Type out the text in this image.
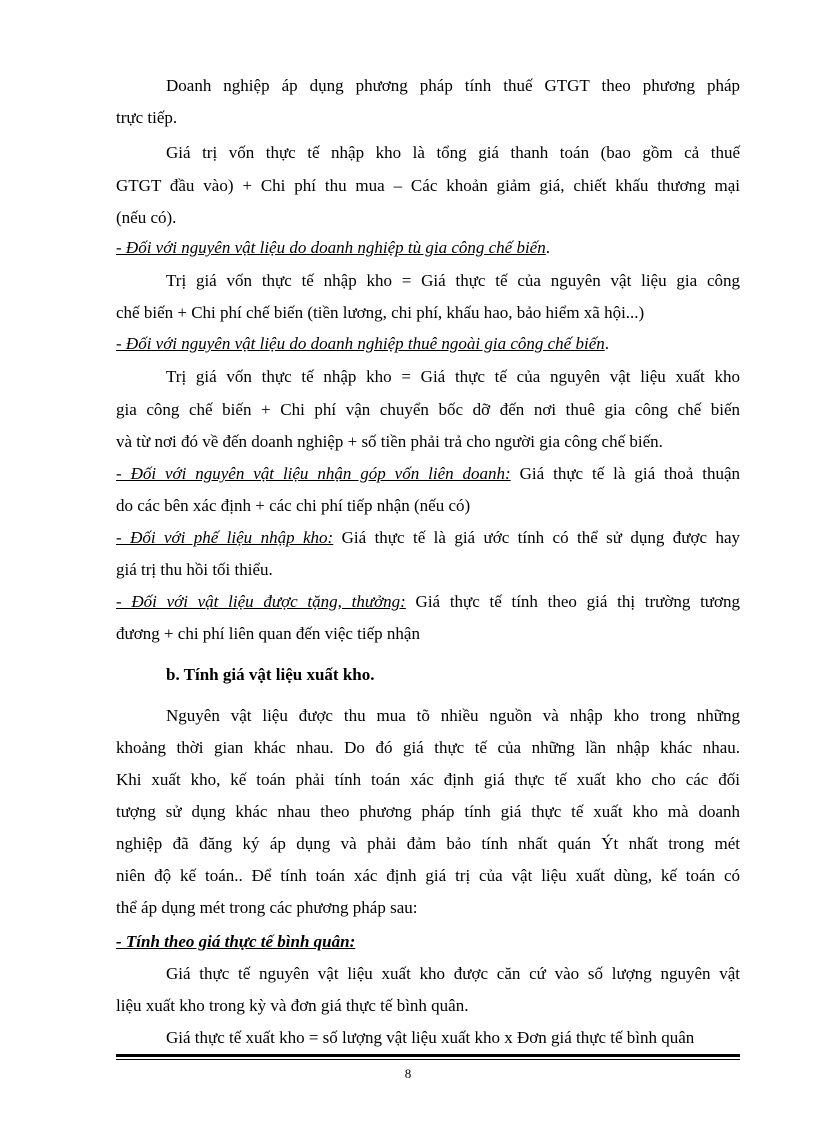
Doanh nghiệp áp dụng phương pháp tính thuế GTGT theo phương pháp
trực tiếp.
Giá trị vốn thực tế nhập kho là tổng giá thanh toán (bao gồm cả thuế
GTGT đầu vào) + Chi phí thu mua – Các khoản giảm giá, chiết khấu thương mại
(nếu có).
- Đối với nguyên vật liệu do doanh nghiệp tù gia công chế biến.
Trị giá vốn thực tế nhập kho = Giá thực tế của nguyên vật liệu gia công
chế biến + Chi phí chế biến (tiền lương, chi phí, khấu hao, bảo hiểm xã hội...)
- Đối với nguyên vật liệu do doanh nghiệp thuê ngoài gia công chế biến.
Trị giá vốn thực tế nhập kho = Giá thực tế của nguyên vật liệu xuất kho
gia công chế biến + Chi phí vận chuyển bốc dỡ đến nơi thuê gia công chế biến
và từ nơi đó về đến doanh nghiệp + số tiền phải trả cho người gia công chế biến.
- Đối với nguyên vật liệu nhận góp vốn liên doanh: Giá thực tế là giá thoả thuận
do các bên xác định + các chi phí tiếp nhận (nếu có)
- Đối với phế liệu nhập kho: Giá thực tế là giá ước tính có thể sử dụng được hay
giá trị thu hồi tối thiểu.
- Đối với vật liệu được tặng, thưởng: Giá thực tế tính theo giá thị trường tương
đương + chi phí liên quan đến việc tiếp nhận
b. Tính giá vật liệu xuất kho.
Nguyên vật liệu được thu mua tõ nhiều nguồn và nhập kho trong những
khoảng thời gian khác nhau. Do đó giá thực tế của những lần nhập khác nhau.
Khi xuất kho, kế toán phải tính toán xác định giá thực tế xuất kho cho các đối
tượng sử dụng khác nhau theo phương pháp tính giá thực tế xuất kho mà doanh
nghiệp đã đăng ký áp dụng và phải đảm bảo tính nhất quán Ýt nhất trong mét
niên độ kế toán.. Để tính toán xác định giá trị của vật liệu xuất dùng, kế toán có
thể áp dụng mét trong các phương pháp sau:
- Tính theo giá thực tế bình quân:
Giá thực tế nguyên vật liệu xuất kho được căn cứ vào số lượng nguyên vật
liệu xuất kho trong kỳ và đơn giá thực tế bình quân.
Giá thực tế xuất kho = số lượng vật liệu xuất kho x Đơn giá thực tế bình quân
8
